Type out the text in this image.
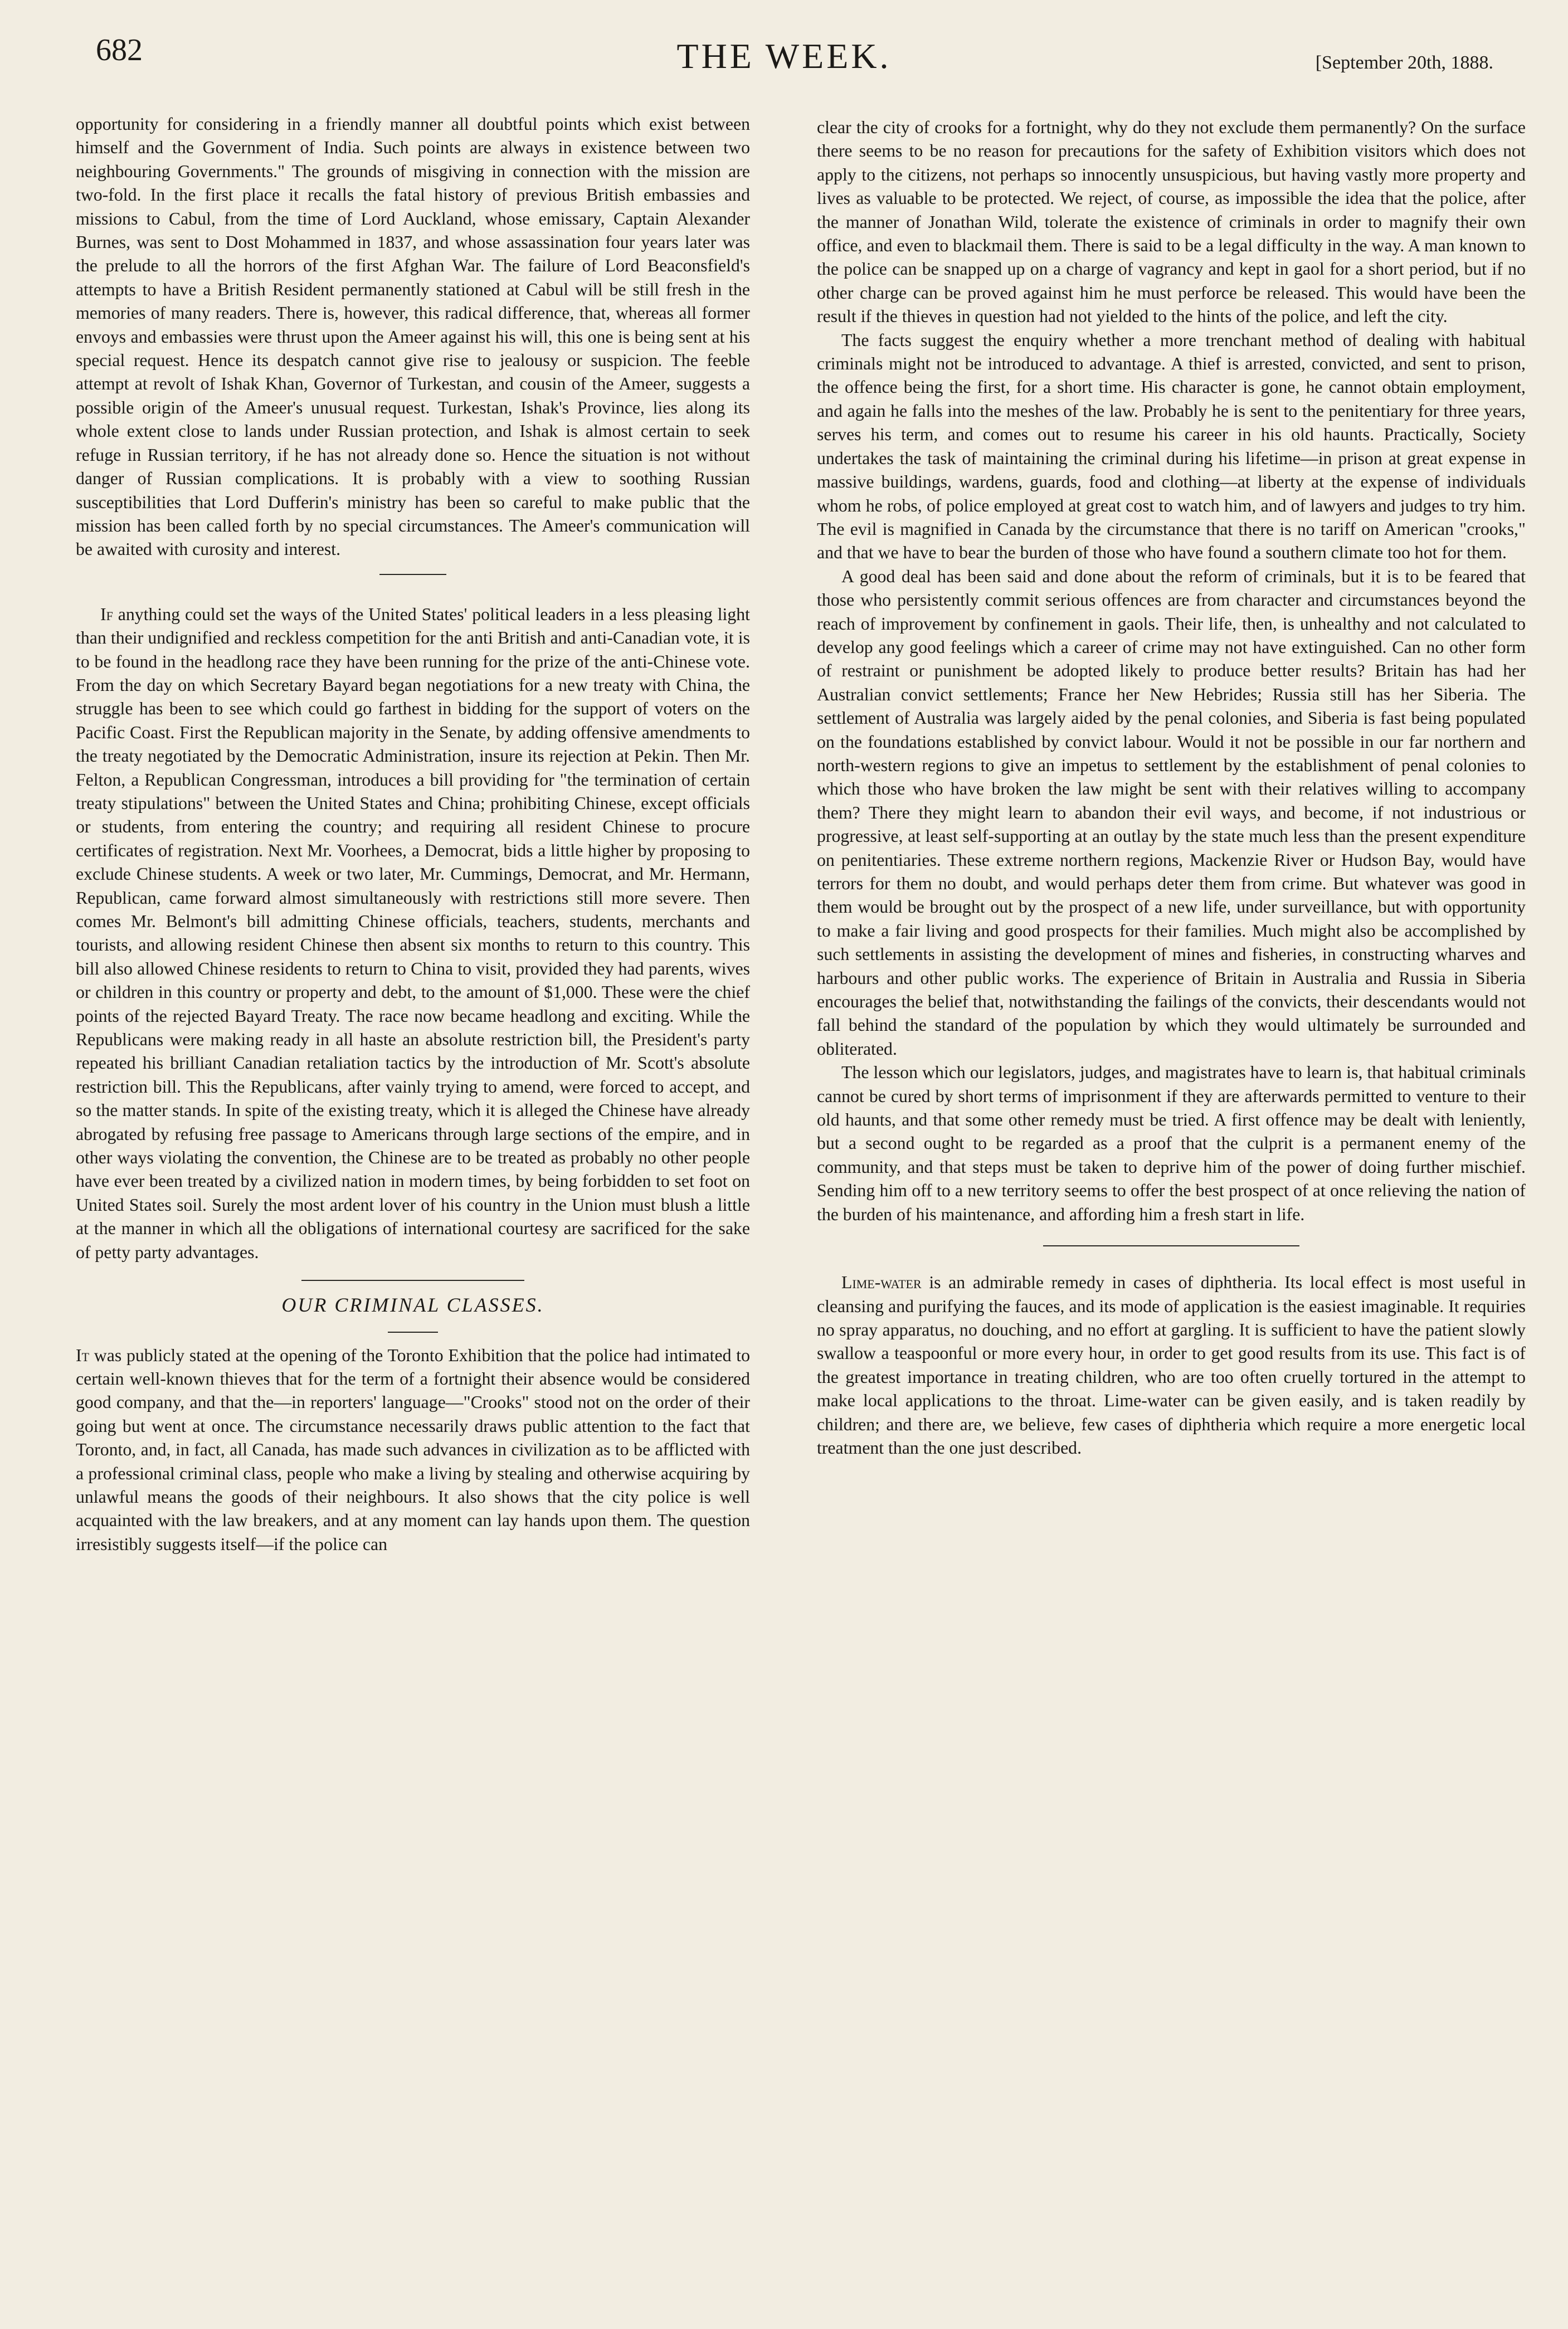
682	THE WEEK.	[September 20th, 1888.

opportunity for considering in a friendly manner all doubtful points which exist between himself and the Government of India. Such points are always in existence between two neighbouring Governments." The grounds of misgiving in connection with the mission are two-fold. In the first place it recalls the fatal history of previous British embassies and missions to Cabul, from the time of Lord Auckland, whose emissary, Captain Alexander Burnes, was sent to Dost Mohammed in 1837, and whose assassination four years later was the prelude to all the horrors of the first Afghan War. The failure of Lord Beaconsfield's attempts to have a British Resident permanently stationed at Cabul will be still fresh in the memories of many readers. There is, however, this radical difference, that, whereas all former envoys and embassies were thrust upon the Ameer against his will, this one is being sent at his special request. Hence its despatch cannot give rise to jealousy or suspicion. The feeble attempt at revolt of Ishak Khan, Governor of Turkestan, and cousin of the Ameer, suggests a possible origin of the Ameer's unusual request. Turkestan, Ishak's Province, lies along its whole extent close to lands under Russian protection, and Ishak is almost certain to seek refuge in Russian territory, if he has not already done so. Hence the situation is not without danger of Russian complications. It is probably with a view to soothing Russian susceptibilities that Lord Dufferin's ministry has been so careful to make public that the mission has been called forth by no special circumstances. The Ameer's communication will be awaited with curosity and interest.

If anything could set the ways of the United States' political leaders in a less pleasing light than their undignified and reckless competition for the anti British and anti-Canadian vote, it is to be found in the headlong race they have been running for the prize of the anti-Chinese vote. From the day on which Secretary Bayard began negotiations for a new treaty with China, the struggle has been to see which could go farthest in bidding for the support of voters on the Pacific Coast. First the Republican majority in the Senate, by adding offensive amendments to the treaty negotiated by the Democratic Administration, insure its rejection at Pekin. Then Mr. Felton, a Republican Congressman, introduces a bill providing for "the termination of certain treaty stipulations" between the United States and China; prohibiting Chinese, except officials or students, from entering the country; and requiring all resident Chinese to procure certificates of registration. Next Mr. Voorhees, a Democrat, bids a little higher by proposing to exclude Chinese students. A week or two later, Mr. Cummings, Democrat, and Mr. Hermann, Republican, came forward almost simultaneously with restrictions still more severe. Then comes Mr. Belmont's bill admitting Chinese officials, teachers, students, merchants and tourists, and allowing resident Chinese then absent six months to return to this country. This bill also allowed Chinese residents to return to China to visit, provided they had parents, wives or children in this country or property and debt, to the amount of $1,000. These were the chief points of the rejected Bayard Treaty. The race now became headlong and exciting. While the Republicans were making ready in all haste an absolute restriction bill, the President's party repeated his brilliant Canadian retaliation tactics by the introduction of Mr. Scott's absolute restriction bill. This the Republicans, after vainly trying to amend, were forced to accept, and so the matter stands. In spite of the existing treaty, which it is alleged the Chinese have already abrogated by refusing free passage to Americans through large sections of the empire, and in other ways violating the convention, the Chinese are to be treated as probably no other people have ever been treated by a civilized nation in modern times, by being forbidden to set foot on United States soil. Surely the most ardent lover of his country in the Union must blush a little at the manner in which all the obligations of international courtesy are sacrificed for the sake of petty party advantages.

OUR CRIMINAL CLASSES.

It was publicly stated at the opening of the Toronto Exhibition that the police had intimated to certain well-known thieves that for the term of a fortnight their absence would be considered good company, and that the—in reporters' language—"Crooks" stood not on the order of their going but went at once. The circumstance necessarily draws public attention to the fact that Toronto, and, in fact, all Canada, has made such advances in civilization as to be afflicted with a professional criminal class, people who make a living by stealing and otherwise acquiring by unlawful means the goods of their neighbours. It also shows that the city police is well acquainted with the law breakers, and at any moment can lay hands upon them. The question irresistibly suggests itself—if the police can

clear the city of crooks for a fortnight, why do they not exclude them permanently? On the surface there seems to be no reason for precautions for the safety of Exhibition visitors which does not apply to the citizens, not perhaps so innocently unsuspicious, but having vastly more property and lives as valuable to be protected. We reject, of course, as impossible the idea that the police, after the manner of Jonathan Wild, tolerate the existence of criminals in order to magnify their own office, and even to blackmail them. There is said to be a legal difficulty in the way. A man known to the police can be snapped up on a charge of vagrancy and kept in gaol for a short period, but if no other charge can be proved against him he must perforce be released. This would have been the result if the thieves in question had not yielded to the hints of the police, and left the city.

The facts suggest the enquiry whether a more trenchant method of dealing with habitual criminals might not be introduced to advantage. A thief is arrested, convicted, and sent to prison, the offence being the first, for a short time. His character is gone, he cannot obtain employment, and again he falls into the meshes of the law. Probably he is sent to the penitentiary for three years, serves his term, and comes out to resume his career in his old haunts. Practically, Society undertakes the task of maintaining the criminal during his lifetime—in prison at great expense in massive buildings, wardens, guards, food and clothing—at liberty at the expense of individuals whom he robs, of police employed at great cost to watch him, and of lawyers and judges to try him. The evil is magnified in Canada by the circumstance that there is no tariff on American "crooks," and that we have to bear the burden of those who have found a southern climate too hot for them.

A good deal has been said and done about the reform of criminals, but it is to be feared that those who persistently commit serious offences are from character and circumstances beyond the reach of improvement by confinement in gaols. Their life, then, is unhealthy and not calculated to develop any good feelings which a career of crime may not have extinguished. Can no other form of restraint or punishment be adopted likely to produce better results? Britain has had her Australian convict settlements; France her New Hebrides; Russia still has her Siberia. The settlement of Australia was largely aided by the penal colonies, and Siberia is fast being populated on the foundations established by convict labour. Would it not be possible in our far northern and north-western regions to give an impetus to settlement by the establishment of penal colonies to which those who have broken the law might be sent with their relatives willing to accompany them? There they might learn to abandon their evil ways, and become, if not industrious or progressive, at least self-supporting at an outlay by the state much less than the present expenditure on penitentiaries. These extreme northern regions, Mackenzie River or Hudson Bay, would have terrors for them no doubt, and would perhaps deter them from crime. But whatever was good in them would be brought out by the prospect of a new life, under surveillance, but with opportunity to make a fair living and good prospects for their families. Much might also be accomplished by such settlements in assisting the development of mines and fisheries, in constructing wharves and harbours and other public works. The experience of Britain in Australia and Russia in Siberia encourages the belief that, notwithstanding the failings of the convicts, their descendants would not fall behind the standard of the population by which they would ultimately be surrounded and obliterated.

The lesson which our legislators, judges, and magistrates have to learn is, that habitual criminals cannot be cured by short terms of imprisonment if they are afterwards permitted to venture to their old haunts, and that some other remedy must be tried. A first offence may be dealt with leniently, but a second ought to be regarded as a proof that the culprit is a permanent enemy of the community, and that steps must be taken to deprive him of the power of doing further mischief. Sending him off to a new territory seems to offer the best prospect of at once relieving the nation of the burden of his maintenance, and affording him a fresh start in life.

Lime-water is an admirable remedy in cases of diphtheria. Its local effect is most useful in cleansing and purifying the fauces, and its mode of application is the easiest imaginable. It requiries no spray apparatus, no douching, and no effort at gargling. It is sufficient to have the patient slowly swallow a teaspoonful or more every hour, in order to get good results from its use. This fact is of the greatest importance in treating children, who are too often cruelly tortured in the attempt to make local applications to the throat. Lime-water can be given easily, and is taken readily by children; and there are, we believe, few cases of diphtheria which require a more energetic local treatment than the one just described.
